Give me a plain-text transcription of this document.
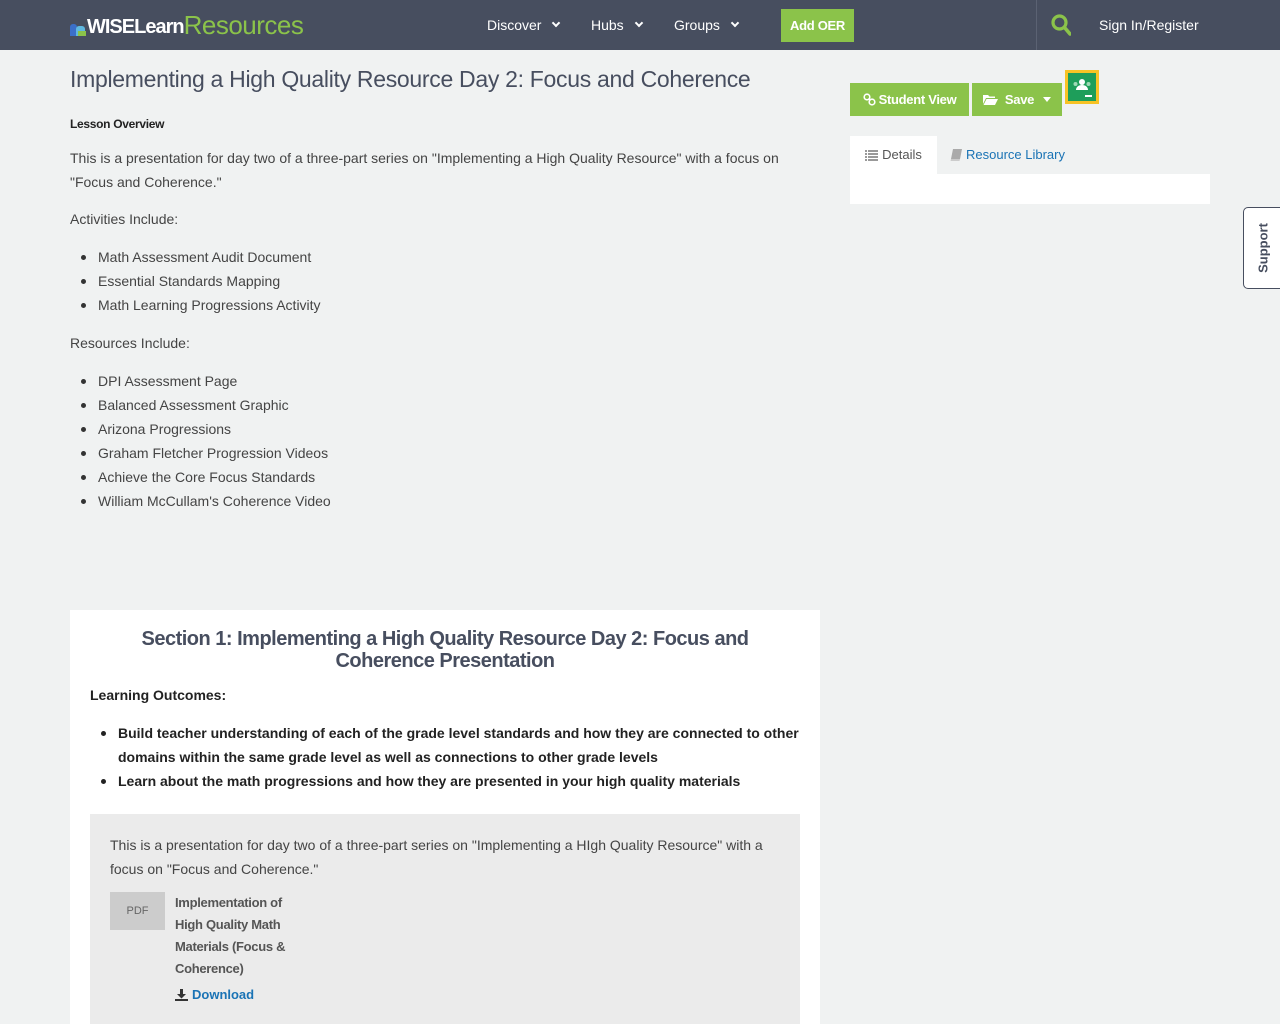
WISELearn Resources	Discover	Hubs	Groups	Add OER	Sign In/Register
Implementing a High Quality Resource Day 2: Focus and Coherence
Lesson Overview

This is a presentation for day two of a three-part series on "Implementing a High Quality Resource" with a focus on "Focus and Coherence."

Activities Include:

Math Assessment Audit Document
Essential Standards Mapping
Math Learning Progressions Activity

Resources Include:

DPI Assessment Page
Balanced Assessment Graphic
Arizona Progressions
Graham Fletcher Progression Videos
Achieve the Core Focus Standards
William McCullam's Coherence Video
Section 1: Implementing a High Quality Resource Day 2: Focus and Coherence Presentation
Learning Outcomes:
Build teacher understanding of each of the grade level standards and how they are connected to other domains within the same grade level as well as connections to other grade levels
Learn about the math progressions and how they are presented in your high quality materials

This is a presentation for day two of a three-part series on "Implementing a HIgh Quality Resource" with a focus on "Focus and Coherence."

PDF
Implementation of High Quality Math Materials (Focus & Coherence)
Download
Student View	Save
Details	Resource Library
Support
